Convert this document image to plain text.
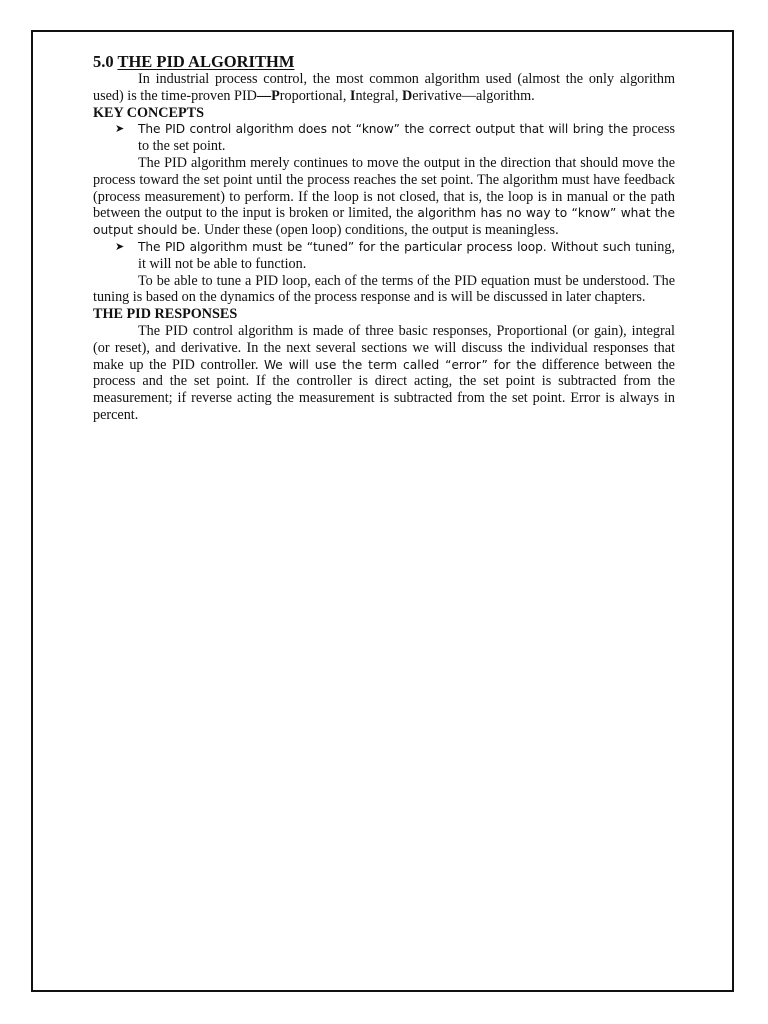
5.0 THE PID ALGORITHM

In industrial process control, the most common algorithm used (almost the only algorithm used) is the time-proven PID—Proportional, Integral, Derivative—algorithm.

KEY CONCEPTS

➤ The PID control algorithm does not “know” the correct output that will bring the process to the set point.

The PID algorithm merely continues to move the output in the direction that should move the process toward the set point until the process reaches the set point. The algorithm must have feedback (process measurement) to perform. If the loop is not closed, that is, the loop is in manual or the path between the output to the input is broken or limited, the algorithm has no way to “know” what the output should be. Under these (open loop) conditions, the output is meaningless.

➤ The PID algorithm must be “tuned” for the particular process loop. Without such tuning, it will not be able to function.

To be able to tune a PID loop, each of the terms of the PID equation must be understood. The tuning is based on the dynamics of the process response and is will be discussed in later chapters.

THE PID RESPONSES

The PID control algorithm is made of three basic responses, Proportional (or gain), integral (or reset), and derivative. In the next several sections we will discuss the individual responses that make up the PID controller. We will use the term called “error” for the difference between the process and the set point. If the controller is direct acting, the set point is subtracted from the measurement; if reverse acting the measurement is subtracted from the set point. Error is always in percent.
